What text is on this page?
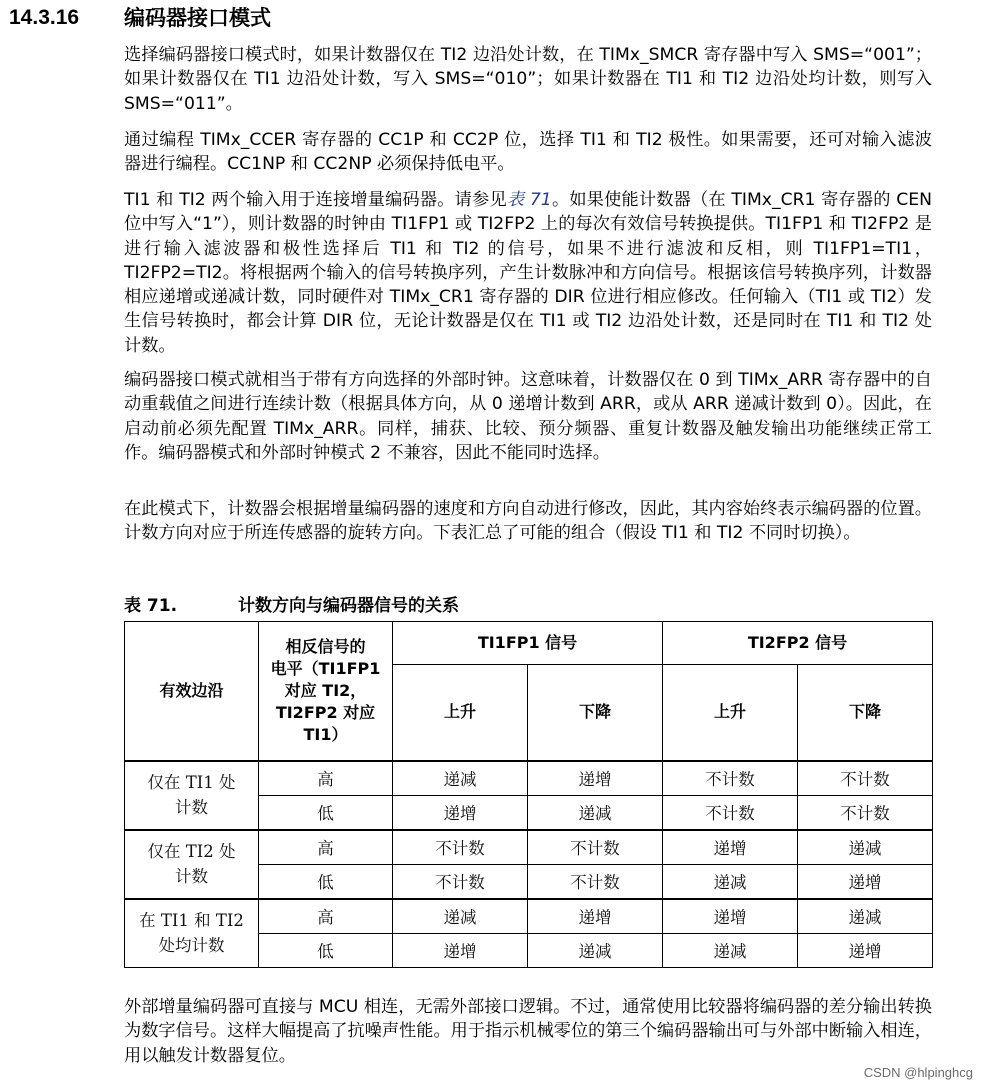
14.3.16 编码器接口模式

选择编码器接口模式时，如果计数器仅在 TI2 边沿处计数，在 TIMx_SMCR 寄存器中写入 SMS=“001”；如果计数器仅在 TI1 边沿处计数，写入 SMS=“010”；如果计数器在 TI1 和 TI2 边沿处均计数，则写入 SMS=“011”。

通过编程 TIMx_CCER 寄存器的 CC1P 和 CC2P 位，选择 TI1 和 TI2 极性。如果需要，还可对输入滤波器进行编程。CC1NP 和 CC2NP 必须保持低电平。

TI1 和 TI2 两个输入用于连接增量编码器。请参见表 71。如果使能计数器（在 TIMx_CR1 寄存器的 CEN 位中写入“1”），则计数器的时钟由 TI1FP1 或 TI2FP2 上的每次有效信号转换提供。TI1FP1 和 TI2FP2 是进行输入滤波器和极性选择后 TI1 和 TI2 的信号，如果不进行滤波和反相，则 TI1FP1=TI1，TI2FP2=TI2。将根据两个输入的信号转换序列，产生计数脉冲和方向信号。根据该信号转换序列，计数器相应递增或递减计数，同时硬件对 TIMx_CR1 寄存器的 DIR 位进行相应修改。任何输入（TI1 或 TI2）发生信号转换时，都会计算 DIR 位，无论计数器是仅在 TI1 或 TI2 边沿处计数，还是同时在 TI1 和 TI2 处计数。

编码器接口模式就相当于带有方向选择的外部时钟。这意味着，计数器仅在 0 到 TIMx_ARR 寄存器中的自动重载值之间进行连续计数（根据具体方向，从 0 递增计数到 ARR，或从 ARR 递减计数到 0）。因此，在启动前必须先配置 TIMx_ARR。同样，捕获、比较、预分频器、重复计数器及触发输出功能继续正常工作。编码器模式和外部时钟模式 2 不兼容，因此不能同时选择。

在此模式下，计数器会根据增量编码器的速度和方向自动进行修改，因此，其内容始终表示编码器的位置。计数方向对应于所连传感器的旋转方向。下表汇总了可能的组合（假设 TI1 和 TI2 不同时切换）。

表 71.	计数方向与编码器信号的关系
有效边沿	相反信号的
电平（TI1FP1
对应 TI2，
TI2FP2 对应
TI1）	TI1FP1 信号		TI2FP2 信号	
		上升	下降	上升	下降

仅在 TI1 处
计数	高	递减	递增	不计数	不计数
	低	递增	递减	不计数	不计数

仅在 TI2 处
计数	高	不计数	不计数	递增	递减
	低	不计数	不计数	递减	递增

在 TI1 和 TI2
处均计数	高	递减	递增	递增	递减
	低	递增	递减	递减	递增

外部增量编码器可直接与 MCU 相连，无需外部接口逻辑。不过，通常使用比较器将编码器的差分输出转换为数字信号。这样大幅提高了抗噪声性能。用于指示机械零位的第三个编码器输出可与外部中断输入相连，用以触发计数器复位。

CSDN @hlpinghcg
